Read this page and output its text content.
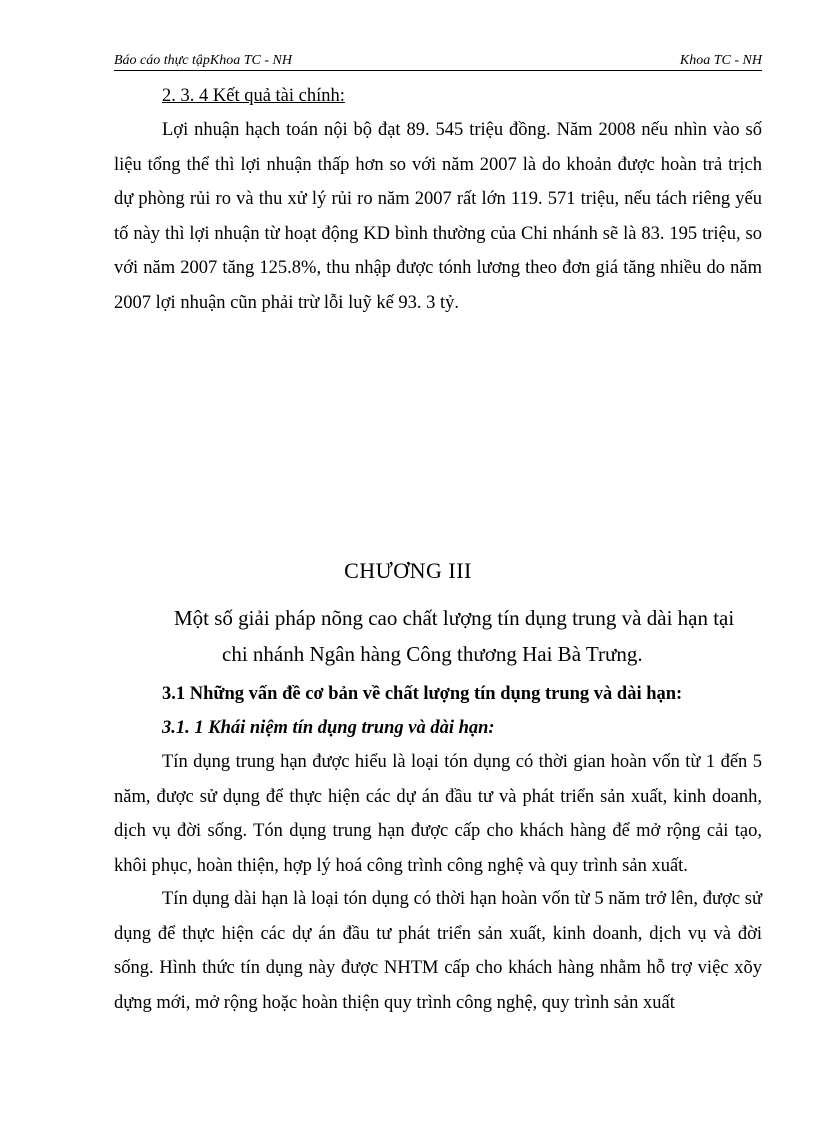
Báo cáo thực tậpKhoa TC - NH	Khoa TC - NH

2. 3. 4 Kết quả tài chính:

Lợi nhuận hạch toán nội bộ đạt 89. 545 triệu đồng. Năm 2008 nếu nhìn vào số liệu tổng thể thì lợi nhuận thấp hơn so với năm 2007 là do khoản được hoàn trả trịch dự phòng rủi ro và thu xử lý rủi ro năm 2007 rất lớn 119. 571 triệu, nếu tách riêng yếu tố này thì lợi nhuận từ hoạt động KD bình thường của Chi nhánh sẽ là 83. 195 triệu, so với năm 2007 tăng 125.8%, thu nhập được tónh lương theo đơn giá tăng nhiều do năm 2007 lợi nhuận cũn phải trừ lỗi luỹ kế 93. 3 tỷ.

CHƯƠNG III
Một số giải pháp nõng cao chất lượng tín dụng trung và dài hạn tại
chi nhánh Ngân hàng Công thương Hai Bà Trưng.

3.1 Những vấn đề cơ bản về chất lượng tín dụng trung và dài hạn:

3.1. 1 Khái niệm tín dụng trung và dài hạn:

Tín dụng trung hạn được hiểu là loại tón dụng có thời gian hoàn vốn từ 1 đến 5 năm, được sử dụng để thực hiện các dự án đầu tư và phát triển sản xuất, kinh doanh, dịch vụ đời sống. Tón dụng trung hạn được cấp cho khách hàng để mở rộng cải tạo, khôi phục, hoàn thiện, hợp lý hoá công trình công nghệ và quy trình sản xuất.

Tín dụng dài hạn là loại tón dụng có thời hạn hoàn vốn từ 5 năm trở lên, được sử dụng để thực hiện các dự án đầu tư phát triển sản xuất, kinh doanh, dịch vụ và đời sống. Hình thức tín dụng này được NHTM cấp cho khách hàng nhằm hỗ trợ việc xõy dựng mới, mở rộng hoặc hoàn thiện quy trình công nghệ, quy trình sản xuất
